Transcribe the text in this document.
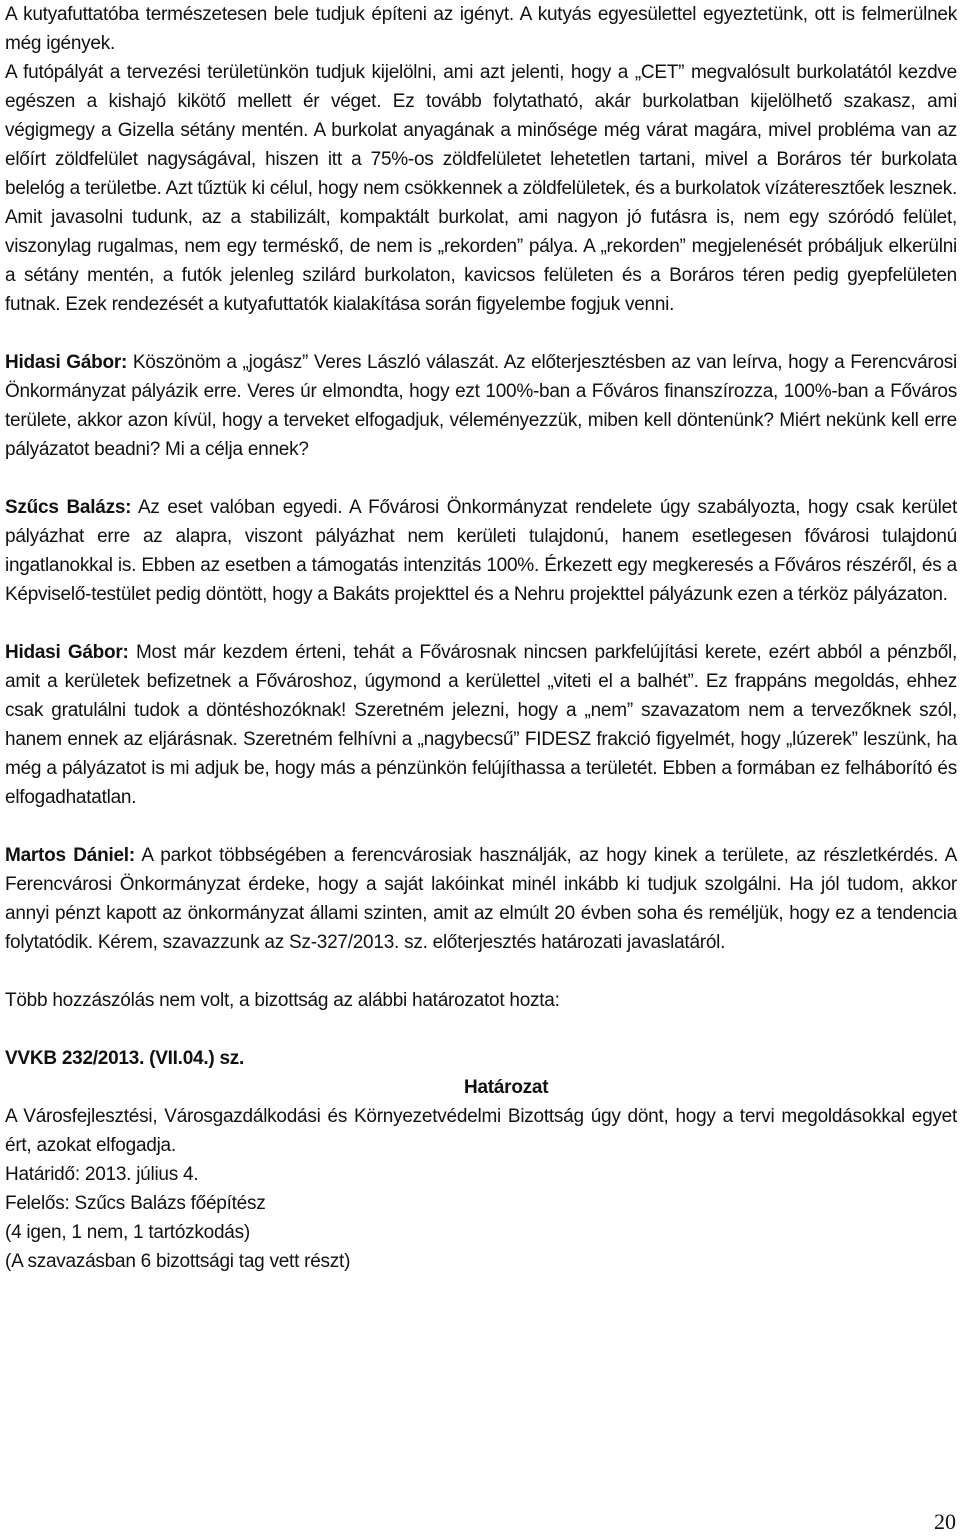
A kutyafuttatóba természetesen bele tudjuk építeni az igényt. A kutyás egyesülettel egyeztetünk, ott is felmerülnek még igények.

A futópályát a tervezési területünkön tudjuk kijelölni, ami azt jelenti, hogy a „CET” megvalósult burkolatától kezdve egészen a kishajó kikötő mellett ér véget. Ez tovább folytatható, akár burkolatban kijelölhető szakasz, ami végigmegy a Gizella sétány mentén. A burkolat anyagának a minősége még várat magára, mivel probléma van az előírt zöldfelület nagyságával, hiszen itt a 75%-os zöldfelületet lehetetlen tartani, mivel a Boráros tér burkolata belelóg a területbe. Azt tűztük ki célul, hogy nem csökkennek a zöldfelületek, és a burkolatok vízáteresztőek lesznek. Amit javasolni tudunk, az a stabilizált, kompaktált burkolat, ami nagyon jó futásra is, nem egy szóródó felület, viszonylag rugalmas, nem egy terméskő, de nem is „rekorden” pálya. A „rekorden” megjelenését próbáljuk elkerülni a sétány mentén, a futók jelenleg szilárd burkolaton, kavicsos felületen és a Boráros téren pedig gyepfelületen futnak. Ezek rendezését a kutyafuttatók kialakítása során figyelembe fogjuk venni.

Hidasi Gábor: Köszönöm a „jogász” Veres László válaszát. Az előterjesztésben az van leírva, hogy a Ferencvárosi Önkormányzat pályázik erre. Veres úr elmondta, hogy ezt 100%-ban a Főváros finanszírozza, 100%-ban a Főváros területe, akkor azon kívül, hogy a terveket elfogadjuk, véleményezzük, miben kell döntenünk? Miért nekünk kell erre pályázatot beadni? Mi a célja ennek?

Szűcs Balázs: Az eset valóban egyedi. A Fővárosi Önkormányzat rendelete úgy szabályozta, hogy csak kerület pályázhat erre az alapra, viszont pályázhat nem kerületi tulajdonú, hanem esetlegesen fővárosi tulajdonú ingatlanokkal is. Ebben az esetben a támogatás intenzitás 100%. Érkezett egy megkeresés a Főváros részéről, és a Képviselő-testület pedig döntött, hogy a Bakáts projekttel és a Nehru projekttel pályázunk ezen a térköz pályázaton.

Hidasi Gábor: Most már kezdem érteni, tehát a Fővárosnak nincsen parkfelújítási kerete, ezért abból a pénzből, amit a kerületek befizetnek a Fővároshoz, úgymond a kerülettel „viteti el a balhét”. Ez frappáns megoldás, ehhez csak gratulálni tudok a döntéshozóknak! Szeretném jelezni, hogy a „nem” szavazatom nem a tervezőknek szól, hanem ennek az eljárásnak. Szeretném felhívni a „nagybecsű” FIDESZ frakció figyelmét, hogy „lúzerek” leszünk, ha még a pályázatot is mi adjuk be, hogy más a pénzünkön felújíthassa a területét. Ebben a formában ez felháborító és elfogadhatatlan.

Martos Dániel: A parkot többségében a ferencvárosiak használják, az hogy kinek a területe, az részletkérdés. A Ferencvárosi Önkormányzat érdeke, hogy a saját lakóinkat minél inkább ki tudjuk szolgálni. Ha jól tudom, akkor annyi pénzt kapott az önkormányzat állami szinten, amit az elmúlt 20 évben soha és reméljük, hogy ez a tendencia folytatódik. Kérem, szavazzunk az Sz-327/2013. sz. előterjesztés határozati javaslatáról.

Több hozzászólás nem volt, a bizottság az alábbi határozatot hozta:

VVKB 232/2013. (VII.04.) sz.

Határozat

A Városfejlesztési, Városgazdálkodási és Környezetvédelmi Bizottság úgy dönt, hogy a tervi megoldásokkal egyet ért, azokat elfogadja.

Határidő: 2013. július 4.

Felelős: Szűcs Balázs főépítész

(4 igen, 1 nem, 1 tartózkodás)

(A szavazásban 6 bizottsági tag vett részt)

20
